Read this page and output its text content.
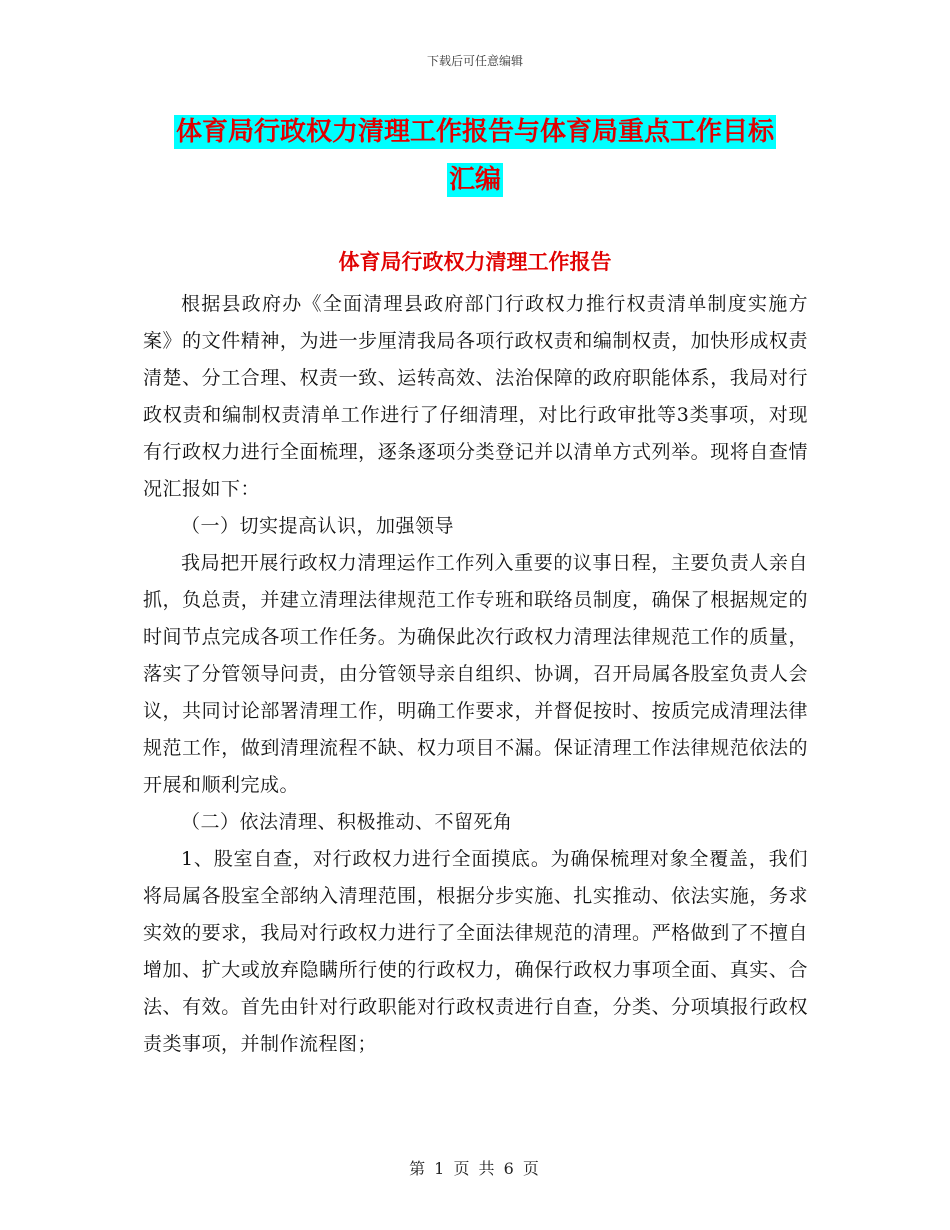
下载后可任意编辑
体育局行政权力清理工作报告与体育局重点工作目标
汇编
体育局行政权力清理工作报告

根据县政府办《全面清理县政府部门行政权力推行权责清单制度实施方案》的文件精神，为进一步厘清我局各项行政权责和编制权责，加快形成权责清楚、分工合理、权责一致、运转高效、法治保障的政府职能体系，我局对行政权责和编制权责清单工作进行了仔细清理，对比行政审批等3类事项，对现有行政权力进行全面梳理，逐条逐项分类登记并以清单方式列举。现将自查情况汇报如下：

（一）切实提高认识，加强领导

我局把开展行政权力清理运作工作列入重要的议事日程，主要负责人亲自抓，负总责，并建立清理法律规范工作专班和联络员制度，确保了根据规定的时间节点完成各项工作任务。为确保此次行政权力清理法律规范工作的质量，落实了分管领导问责，由分管领导亲自组织、协调，召开局属各股室负责人会议，共同讨论部署清理工作，明确工作要求，并督促按时、按质完成清理法律规范工作，做到清理流程不缺、权力项目不漏。保证清理工作法律规范依法的开展和顺利完成。

（二）依法清理、积极推动、不留死角

1、股室自查，对行政权力进行全面摸底。为确保梳理对象全覆盖，我们将局属各股室全部纳入清理范围，根据分步实施、扎实推动、依法实施，务求实效的要求，我局对行政权力进行了全面法律规范的清理。严格做到了不擅自增加、扩大或放弃隐瞒所行使的行政权力，确保行政权力事项全面、真实、合法、有效。首先由针对行政职能对行政权责进行自查，分类、分项填报行政权责类事项，并制作流程图；

第 1 页 共 6 页
